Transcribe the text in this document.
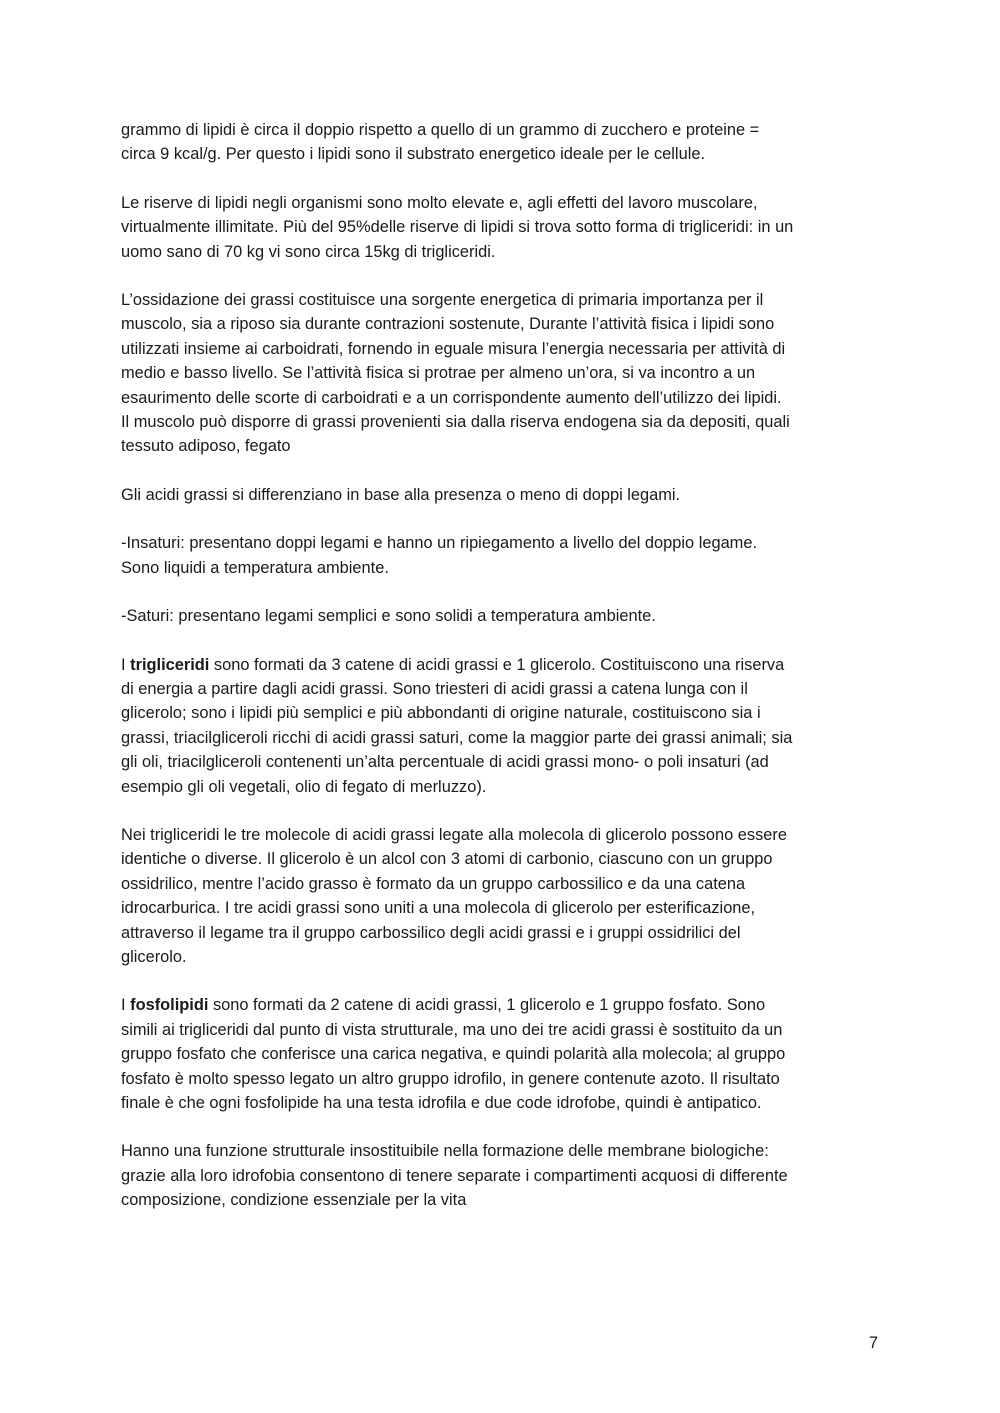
grammo di lipidi è circa il doppio rispetto a quello di un grammo di zucchero e proteine =
circa 9 kcal/g. Per questo i lipidi sono il substrato energetico ideale per le cellule.

Le riserve di lipidi negli organismi sono molto elevate e, agli effetti del lavoro muscolare,
virtualmente illimitate. Più del 95%delle riserve di lipidi si trova sotto forma di trigliceridi: in un
uomo sano di 70 kg vi sono circa 15kg di trigliceridi.

L’ossidazione dei grassi costituisce una sorgente energetica di primaria importanza per il
muscolo, sia a riposo sia durante contrazioni sostenute, Durante l’attività fisica i lipidi sono
utilizzati insieme ai carboidrati, fornendo in eguale misura l’energia necessaria per attività di
medio e basso livello. Se l’attività fisica si protrae per almeno un’ora, si va incontro a un
esaurimento delle scorte di carboidrati e a un corrispondente aumento dell’utilizzo dei lipidi.
Il muscolo può disporre di grassi provenienti sia dalla riserva endogena sia da depositi, quali
tessuto adiposo, fegato

Gli acidi grassi si differenziano in base alla presenza o meno di doppi legami.

-Insaturi: presentano doppi legami e hanno un ripiegamento a livello del doppio legame.
Sono liquidi a temperatura ambiente.

-Saturi: presentano legami semplici e sono solidi a temperatura ambiente.

I trigliceridi sono formati da 3 catene di acidi grassi e 1 glicerolo. Costituiscono una riserva
di energia a partire dagli acidi grassi. Sono triesteri di acidi grassi a catena lunga con il
glicerolo; sono i lipidi più semplici e più abbondanti di origine naturale, costituiscono sia i
grassi, triacilgliceroli ricchi di acidi grassi saturi, come la maggior parte dei grassi animali; sia
gli oli, triacilgliceroli contenenti un’alta percentuale di acidi grassi mono- o poli insaturi (ad
esempio gli oli vegetali, olio di fegato di merluzzo).

Nei trigliceridi le tre molecole di acidi grassi legate alla molecola di glicerolo possono essere
identiche o diverse. Il glicerolo è un alcol con 3 atomi di carbonio, ciascuno con un gruppo
ossidrilico, mentre l’acido grasso è formato da un gruppo carbossilico e da una catena
idrocarburica. I tre acidi grassi sono uniti a una molecola di glicerolo per esterificazione,
attraverso il legame tra il gruppo carbossilico degli acidi grassi e i gruppi ossidrilici del
glicerolo.

I fosfolipidi sono formati da 2 catene di acidi grassi, 1 glicerolo e 1 gruppo fosfato. Sono
simili ai trigliceridi dal punto di vista strutturale, ma uno dei tre acidi grassi è sostituito da un
gruppo fosfato che conferisce una carica negativa, e quindi polarità alla molecola; al gruppo
fosfato è molto spesso legato un altro gruppo idrofilo, in genere contenute azoto. Il risultato
finale è che ogni fosfolipide ha una testa idrofila e due code idrofobe, quindi è antipatico.

Hanno una funzione strutturale insostituibile nella formazione delle membrane biologiche:
grazie alla loro idrofobia consentono di tenere separate i compartimenti acquosi di differente
composizione, condizione essenziale per la vita

7
